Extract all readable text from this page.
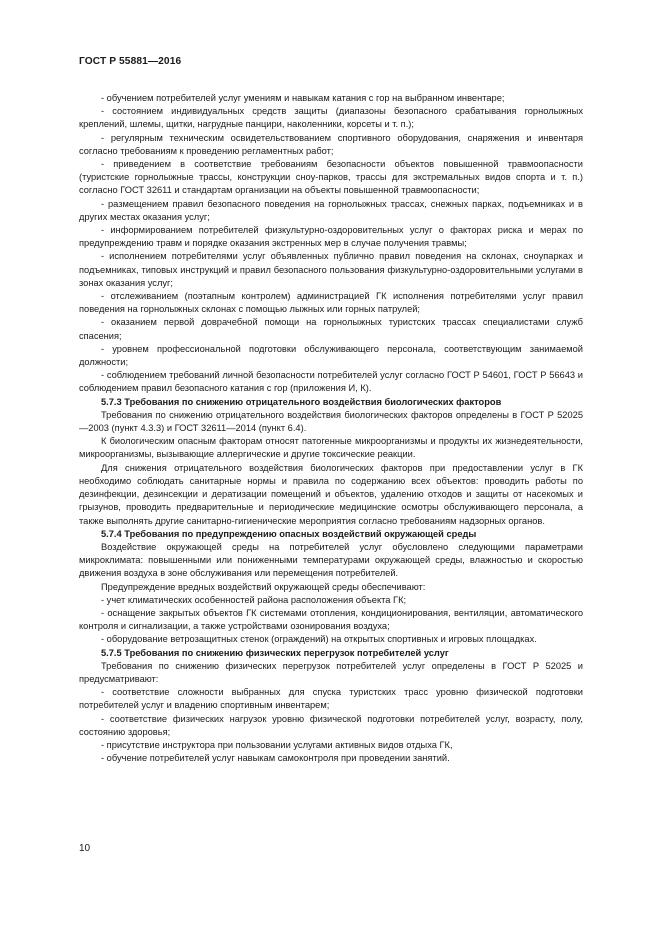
ГОСТ Р 55881—2016

- обучением потребителей услуг умениям и навыкам катания с гор на выбранном инвентаре;

- состоянием индивидуальных средств защиты (диапазоны безопасного срабатывания горнолыжных креплений, шлемы, щитки, нагрудные панцири, наколенники, корсеты и т. п.);

- регулярным техническим освидетельствованием спортивного оборудования, снаряжения и инвентаря согласно требованиям к проведению регламентных работ;

- приведением в соответствие требованиям безопасности объектов повышенной травмоопасности (туристские горнолыжные трассы, конструкции сноу-парков, трассы для экстремальных видов спорта и т. п.) согласно ГОСТ 32611 и стандартам организации на объекты повышенной травмоопасности;

- размещением правил безопасного поведения на горнолыжных трассах, снежных парках, подъемниках и в других местах оказания услуг;

- информированием потребителей физкультурно-оздоровительных услуг о факторах риска и мерах по предупреждению травм и порядке оказания экстренных мер в случае получения травмы;

- исполнением потребителями услуг объявленных публично правил поведения на склонах, сноупарках и подъемниках, типовых инструкций и правил безопасного пользования физкультурно-оздоровительными услугами в зонах оказания услуг;

- отслеживанием (поэтапным контролем) администрацией ГК исполнения потребителями услуг правил поведения на горнолыжных склонах с помощью лыжных или горных патрулей;

- оказанием первой доврачебной помощи на горнолыжных туристских трассах специалистами служб спасения;

- уровнем профессиональной подготовки обслуживающего персонала, соответствующим занимаемой должности;

- соблюдением требований личной безопасности потребителей услуг согласно ГОСТ Р 54601, ГОСТ Р 56643 и соблюдением правил безопасного катания с гор (приложения И, К).

5.7.3 Требования по снижению отрицательного воздействия биологических факторов

Требования по снижению отрицательного воздействия биологических факторов определены в ГОСТ Р 52025—2003 (пункт 4.3.3) и ГОСТ 32611—2014 (пункт 6.4).

К биологическим опасным факторам относят патогенные микроорганизмы и продукты их жизнедеятельности, микроорганизмы, вызывающие аллергические и другие токсические реакции.

Для снижения отрицательного воздействия биологических факторов при предоставлении услуг в ГК необходимо соблюдать санитарные нормы и правила по содержанию всех объектов: проводить работы по дезинфекции, дезинсекции и дератизации помещений и объектов, удалению отходов и защиты от насекомых и грызунов, проводить предварительные и периодические медицинские осмотры обслуживающего персонала, а также выполнять другие санитарно-гигиенические мероприятия согласно требованиям надзорных органов.

5.7.4 Требования по предупреждению опасных воздействий окружающей среды

Воздействие окружающей среды на потребителей услуг обусловлено следующими параметрами микроклимата: повышенными или пониженными температурами окружающей среды, влажностью и скоростью движения воздуха в зоне обслуживания или перемещения потребителей.

Предупреждение вредных воздействий окружающей среды обеспечивают:

- учет климатических особенностей района расположения объекта ГК;

- оснащение закрытых объектов ГК системами отопления, кондиционирования, вентиляции, автоматического контроля и сигнализации, а также устройствами озонирования воздуха;

- оборудование ветрозащитных стенок (ограждений) на открытых спортивных и игровых площадках.

5.7.5 Требования по снижению физических перегрузок потребителей услуг

Требования по снижению физических перегрузок потребителей услуг определены в ГОСТ Р 52025 и предусматривают:

- соответствие сложности выбранных для спуска туристских трасс уровню физической подготовки потребителей услуг и владению спортивным инвентарем;

- соответствие физических нагрузок уровню физической подготовки потребителей услуг, возрасту, полу, состоянию здоровья;

- присутствие инструктора при пользовании услугами активных видов отдыха ГК,

- обучение потребителей услуг навыкам самоконтроля при проведении занятий.

10
